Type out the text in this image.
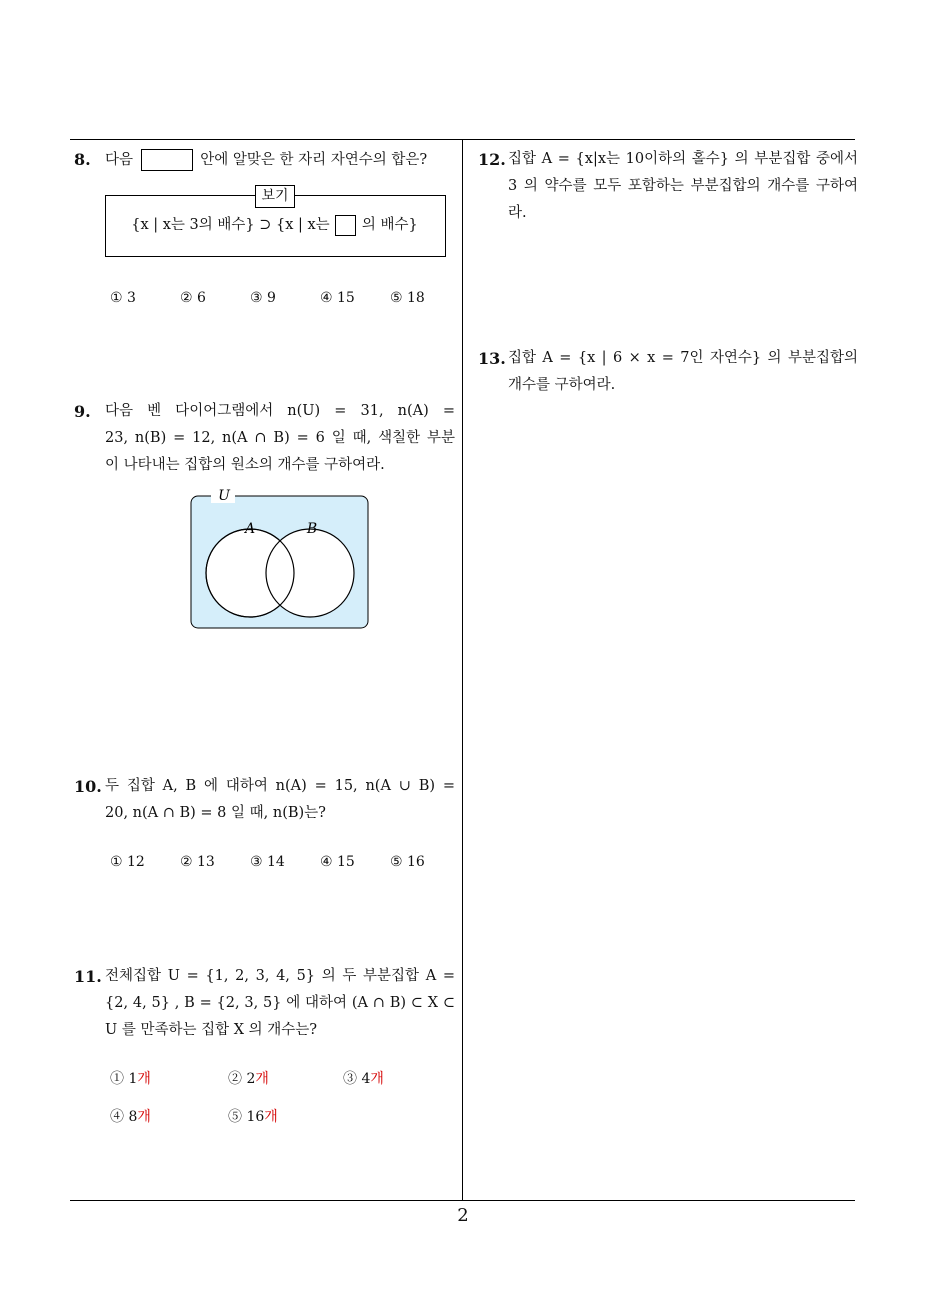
8. 다음	안에 알맞은 한 자리 자연수의 합은?
보기
{x | x는 3의 배수} ⊃ {x | x는 의 배수}
① 3	② 6	③ 9	④ 15	⑤ 18
9. 다음 벤 다이어그램에서 n(U) = 31, n(A) =
23, n(B) = 12, n(A ∩ B) = 6 일 때, 색칠한 부분
이 나타내는 집합의 원소의 개수를 구하여라.
U
A	B
10. 두 집합 A, B 에 대하여 n(A) = 15, n(A ∪ B) =
20, n(A ∩ B) = 8 일 때, n(B)는?
① 12	② 13	③ 14	④ 15	⑤ 16
11. 전체집합 U = {1, 2, 3, 4, 5} 의 두 부분집합 A =
{2, 4, 5} , B = {2, 3, 5} 에 대하여 (A ∩ B) ⊂ X ⊂
U 를 만족하는 집합 X 의 개수는?
① 1개	② 2개	③ 4개
④ 8개	⑤ 16개
12. 집합 A = {x|x는 10이하의 홀수} 의 부분집합 중에서
3 의 약수를 모두 포함하는 부분집합의 개수를 구하여
라.
13. 집합 A = {x | 6 × x = 7인 자연수} 의 부분집합의
개수를 구하여라.
2
